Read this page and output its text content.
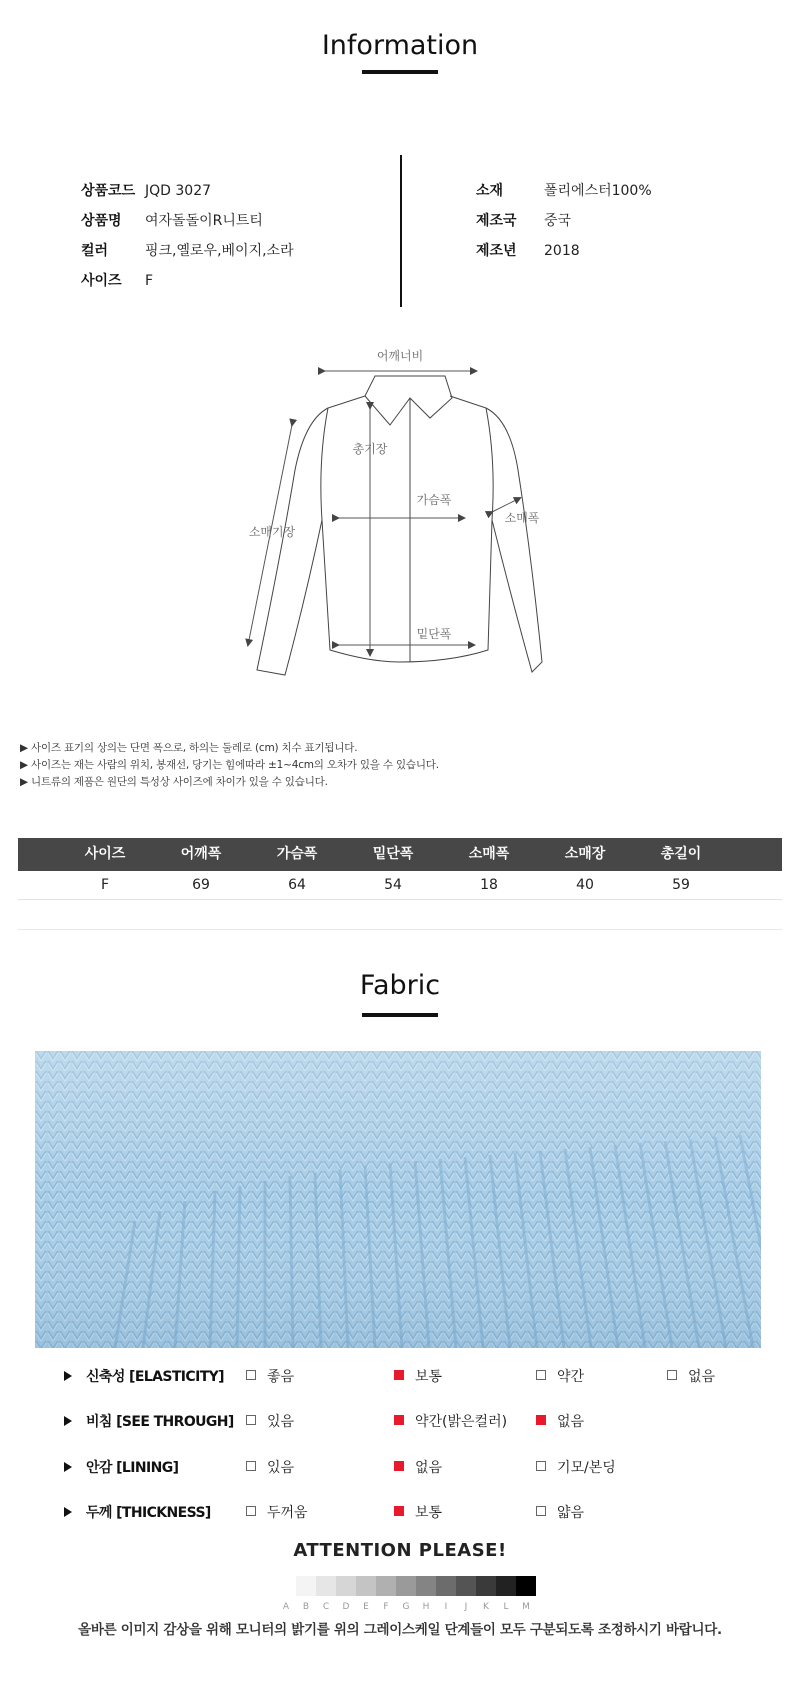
Information
상품코드 JQD 3027
상품명 여자돌돌이R니트티
컬러	핑크,옐로우,베이지,소라
사이즈 F
소재	폴리에스터100%
제조국 중국
제조년 2018
어깨너비
총기장
가슴폭
소매폭
소매기장
밑단폭
▶ 사이즈 표기의 상의는 단면 폭으로, 하의는 둘레로 (cm) 치수 표기됩니다.
▶ 사이즈는 재는 사람의 위치, 봉재선, 당기는 힘에따라 ±1~4cm의 오차가 있을 수 있습니다.
▶ 니트류의 제품은 원단의 특성상 사이즈에 차이가 있을 수 있습니다.
사이즈	어깨폭	가슴폭	밑단폭	소매폭	소매장	총길이
F	69	64	54	18	40	59
Fabric
신축성 [ELASTICITY]	좋음	보통	약간	없음
비침 [SEE THROUGH]	있음	약간(밝은컬러)	없음
안감 [LINING]	있음	없음	기모/본딩
두께 [THICKNESS]	두꺼움	보통	얇음
ATTENTION PLEASE!
A	B	C	D	E	F	G	H	I	J	K	L	M
올바른 이미지 감상을 위해 모니터의 밝기를 위의 그레이스케일 단계들이 모두 구분되도록 조정하시기 바랍니다.
